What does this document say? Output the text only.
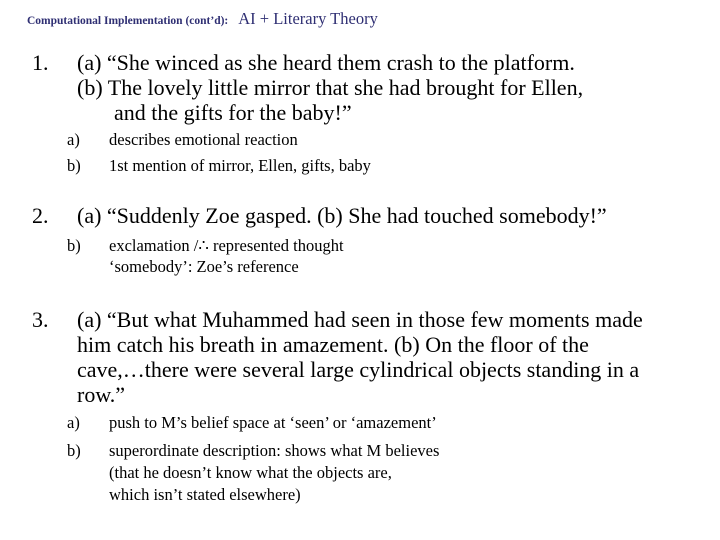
Computational Implementation (cont’d): AI + Literary Theory
1. (a) “She winced as she heard them crash to the platform.
(b) The lovely little mirror that she had brought for Ellen,
and the gifts for the baby!”
a) describes emotional reaction
b) 1st mention of mirror, Ellen, gifts, baby
2. (a) “Suddenly Zoe gasped. (b) She had touched somebody!”
b) exclamation /∴ represented thought
‘somebody’: Zoe’s reference
3. (a) “But what Muhammed had seen in those few moments made
him catch his breath in amazement. (b) On the floor of the
cave,…there were several large cylindrical objects standing in a
row.”
a) push to M’s belief space at ‘seen’ or ‘amazement’
b) superordinate description: shows what M believes
(that he doesn’t know what the objects are,
which isn’t stated elsewhere)
